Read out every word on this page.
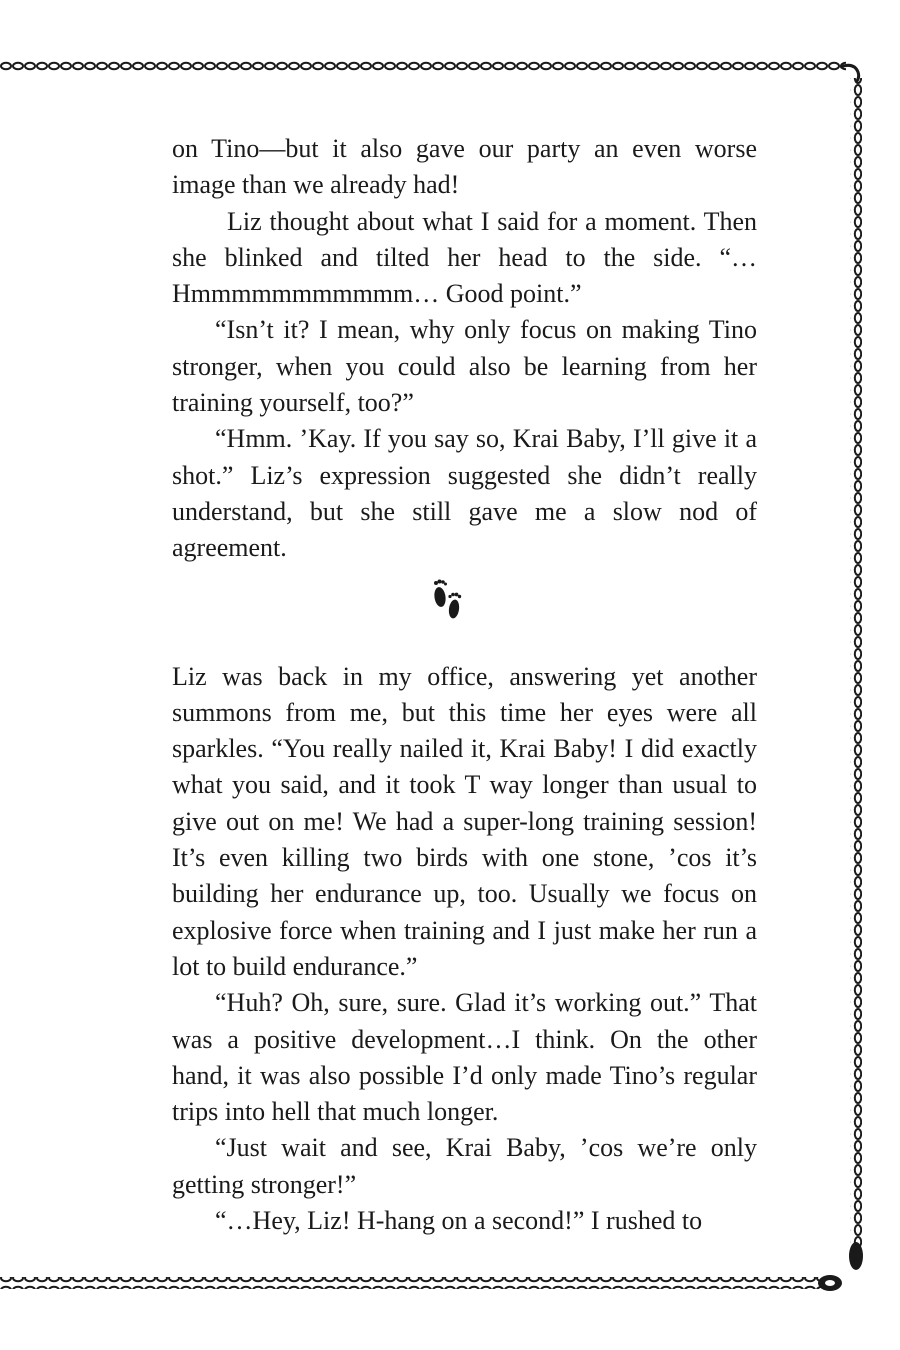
on Tino—but it also gave our party an even worse image than we already had!

Liz thought about what I said for a moment. Then she blinked and tilted her head to the side. “…Hmmmmmmmmmmm… Good point.”

“Isn’t it? I mean, why only focus on making Tino stronger, when you could also be learning from her training yourself, too?”

“Hmm. ’Kay. If you say so, Krai Baby, I’ll give it a shot.” Liz’s expression suggested she didn’t really understand, but she still gave me a slow nod of agreement.

Liz was back in my office, answering yet another summons from me, but this time her eyes were all sparkles. “You really nailed it, Krai Baby! I did exactly what you said, and it took T way longer than usual to give out on me! We had a super-long training session! It’s even killing two birds with one stone, ’cos it’s building her endurance up, too. Usually we focus on explosive force when training and I just make her run a lot to build endurance.”

“Huh? Oh, sure, sure. Glad it’s working out.” That was a positive development…I think. On the other hand, it was also possible I’d only made Tino’s regular trips into hell that much longer.

“Just wait and see, Krai Baby, ’cos we’re only getting stronger!”

“…Hey, Liz! H-hang on a second!” I rushed to
